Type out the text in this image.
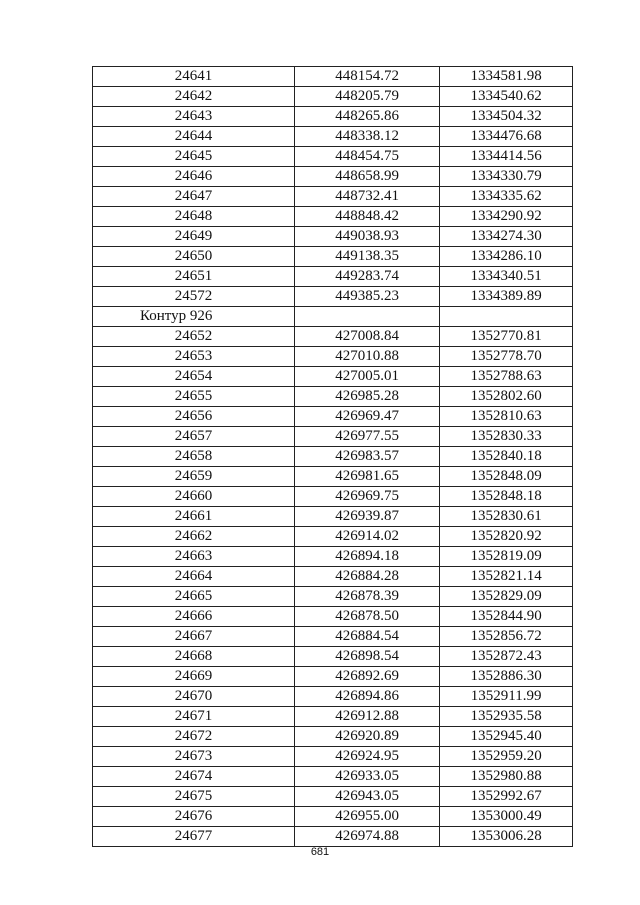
24641	448154.72	1334581.98
24642	448205.79	1334540.62
24643	448265.86	1334504.32
24644	448338.12	1334476.68
24645	448454.75	1334414.56
24646	448658.99	1334330.79
24647	448732.41	1334335.62
24648	448848.42	1334290.92
24649	449038.93	1334274.30
24650	449138.35	1334286.10
24651	449283.74	1334340.51
24572	449385.23	1334389.89
Контур 926		
24652	427008.84	1352770.81
24653	427010.88	1352778.70
24654	427005.01	1352788.63
24655	426985.28	1352802.60
24656	426969.47	1352810.63
24657	426977.55	1352830.33
24658	426983.57	1352840.18
24659	426981.65	1352848.09
24660	426969.75	1352848.18
24661	426939.87	1352830.61
24662	426914.02	1352820.92
24663	426894.18	1352819.09
24664	426884.28	1352821.14
24665	426878.39	1352829.09
24666	426878.50	1352844.90
24667	426884.54	1352856.72
24668	426898.54	1352872.43
24669	426892.69	1352886.30
24670	426894.86	1352911.99
24671	426912.88	1352935.58
24672	426920.89	1352945.40
24673	426924.95	1352959.20
24674	426933.05	1352980.88
24675	426943.05	1352992.67
24676	426955.00	1353000.49
24677	426974.88	1353006.28
681
